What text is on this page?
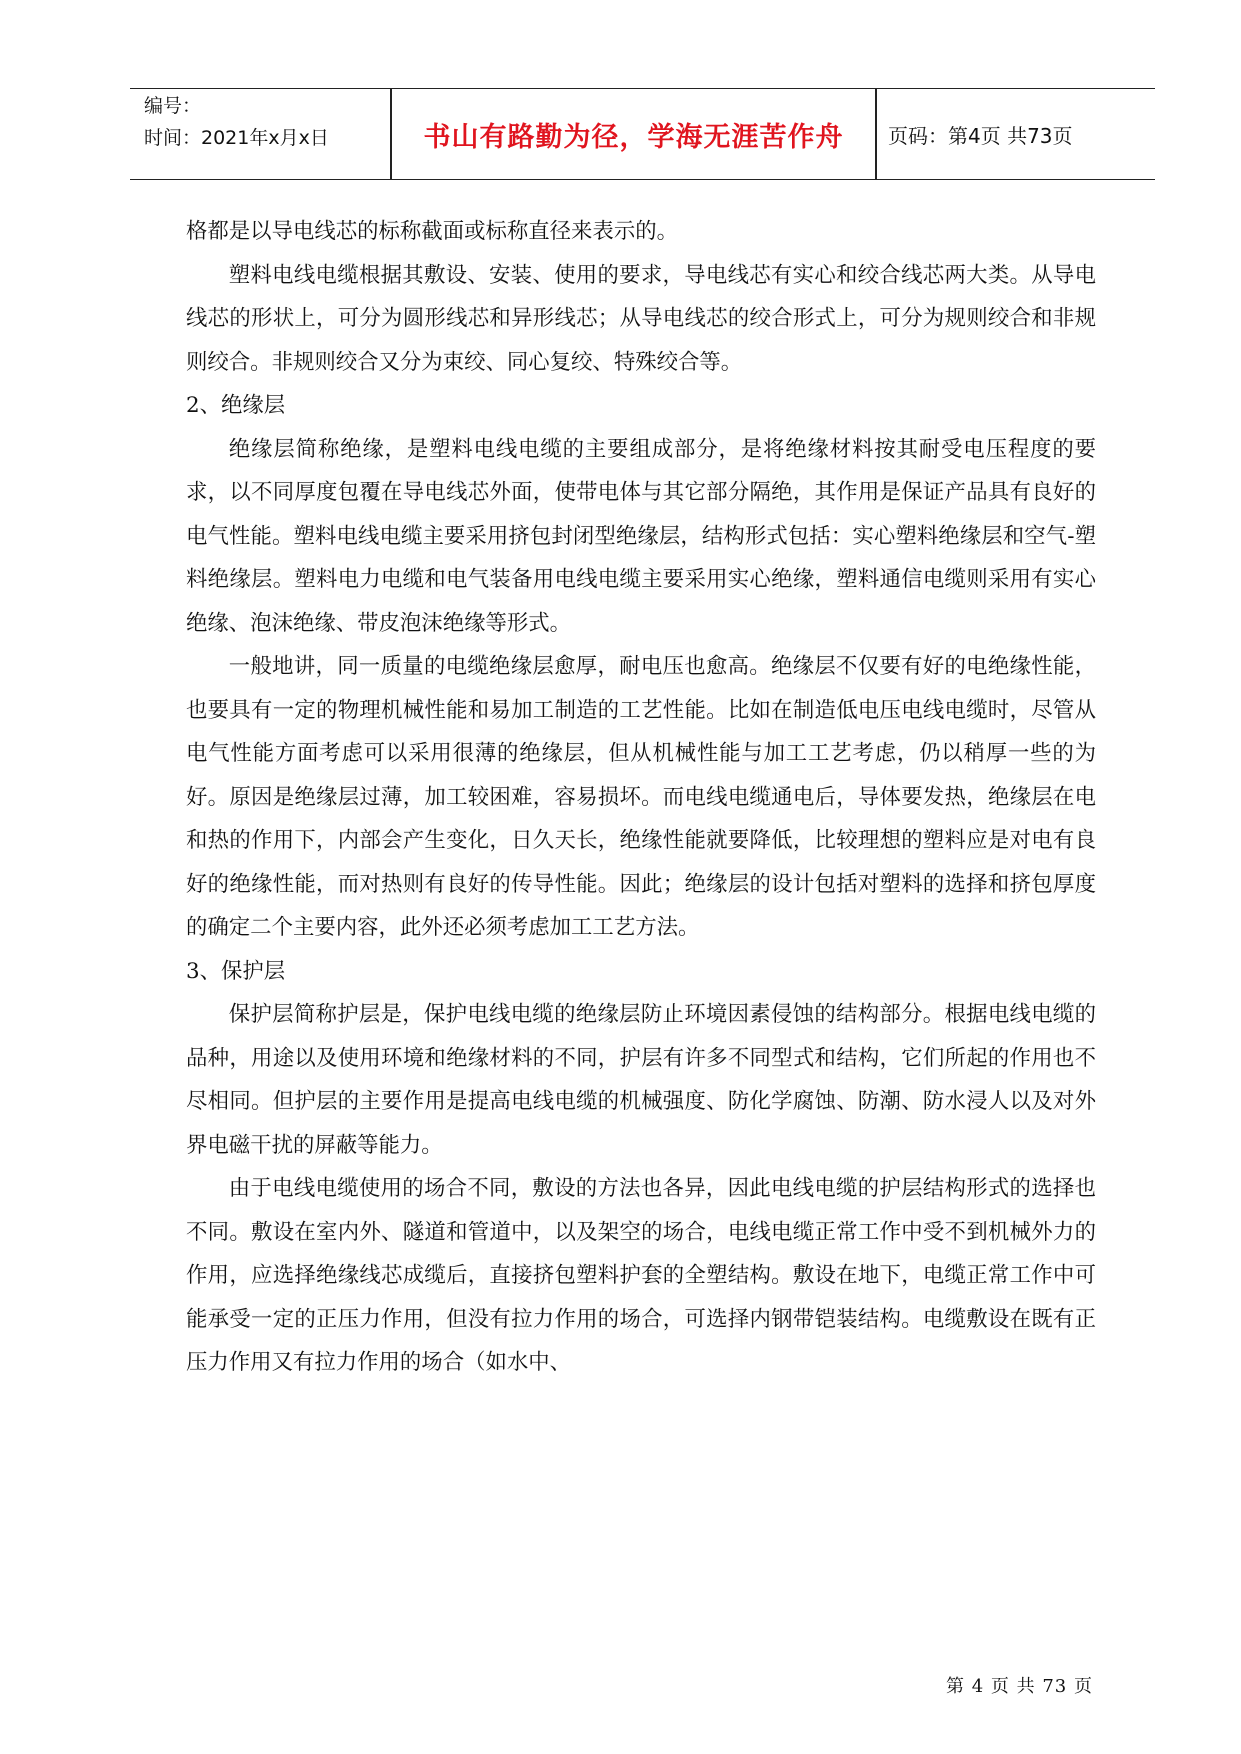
编号：
时间：2021年x月x日	书山有路勤为径，学海无涯苦作舟	页码：第4页 共73页

格都是以导电线芯的标称截面或标称直径来表示的。

塑料电线电缆根据其敷设、安装、使用的要求，导电线芯有实心和绞合线芯两大类。从导电线芯的形状上，可分为圆形线芯和异形线芯；从导电线芯的绞合形式上，可分为规则绞合和非规则绞合。非规则绞合又分为束绞、同心复绞、特殊绞合等。

2、绝缘层

绝缘层简称绝缘，是塑料电线电缆的主要组成部分，是将绝缘材料按其耐受电压程度的要求，以不同厚度包覆在导电线芯外面，使带电体与其它部分隔绝，其作用是保证产品具有良好的电气性能。塑料电线电缆主要采用挤包封闭型绝缘层，结构形式包括：实心塑料绝缘层和空气-塑料绝缘层。塑料电力电缆和电气装备用电线电缆主要采用实心绝缘，塑料通信电缆则采用有实心绝缘、泡沫绝缘、带皮泡沫绝缘等形式。

一般地讲，同一质量的电缆绝缘层愈厚，耐电压也愈高。绝缘层不仅要有好的电绝缘性能，也要具有一定的物理机械性能和易加工制造的工艺性能。比如在制造低电压电线电缆时，尽管从电气性能方面考虑可以采用很薄的绝缘层，但从机械性能与加工工艺考虑，仍以稍厚一些的为好。原因是绝缘层过薄，加工较困难，容易损坏。而电线电缆通电后，导体要发热，绝缘层在电和热的作用下，内部会产生变化，日久天长，绝缘性能就要降低，比较理想的塑料应是对电有良好的绝缘性能，而对热则有良好的传导性能。因此；绝缘层的设计包括对塑料的选择和挤包厚度的确定二个主要内容，此外还必须考虑加工工艺方法。

3、保护层

保护层简称护层是，保护电线电缆的绝缘层防止环境因素侵蚀的结构部分。根据电线电缆的品种，用途以及使用环境和绝缘材料的不同，护层有许多不同型式和结构，它们所起的作用也不尽相同。但护层的主要作用是提高电线电缆的机械强度、防化学腐蚀、防潮、防水浸人以及对外界电磁干扰的屏蔽等能力。

由于电线电缆使用的场合不同，敷设的方法也各异，因此电线电缆的护层结构形式的选择也不同。敷设在室内外、隧道和管道中，以及架空的场合，电线电缆正常工作中受不到机械外力的作用，应选择绝缘线芯成缆后，直接挤包塑料护套的全塑结构。敷设在地下，电缆正常工作中可能承受一定的正压力作用，但没有拉力作用的场合，可选择内钢带铠装结构。电缆敷设在既有正压力作用又有拉力作用的场合（如水中、

第 4 页 共 73 页
